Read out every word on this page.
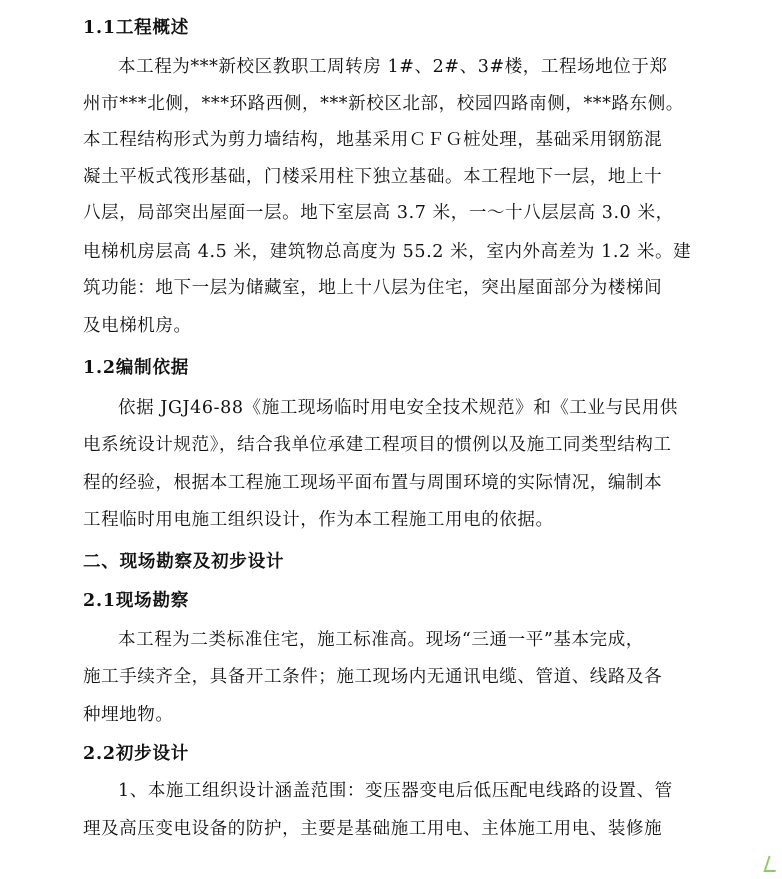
1.1工程概述
本工程为***新校区教职工周转房 1#、2#、3#楼，工程场地位于郑
州市***北侧，***环路西侧，***新校区北部，校园四路南侧，***路东侧。
本工程结构形式为剪力墙结构，地基采用ＣＦＧ桩处理，基础采用钢筋混
凝土平板式筏形基础，门楼采用柱下独立基础。本工程地下一层，地上十
八层，局部突出屋面一层。地下室层高 3.7 米，一～十八层层高 3.0 米，
电梯机房层高 4.5 米，建筑物总高度为 55.2 米，室内外高差为 1.2 米。建
筑功能：地下一层为储藏室，地上十八层为住宅，突出屋面部分为楼梯间
及电梯机房。
1.2编制依据
依据 JGJ46-88《施工现场临时用电安全技术规范》和《工业与民用供
电系统设计规范》，结合我单位承建工程项目的惯例以及施工同类型结构工
程的经验，根据本工程施工现场平面布置与周围环境的实际情况，编制本
工程临时用电施工组织设计，作为本工程施工用电的依据。
二、现场勘察及初步设计
2.1现场勘察
本工程为二类标准住宅，施工标准高。现场“三通一平”基本完成，
施工手续齐全，具备开工条件；施工现场内无通讯电缆、管道、线路及各
种埋地物。
2.2初步设计
1、本施工组织设计涵盖范围：变压器变电后低压配电线路的设置、管
理及高压变电设备的防护，主要是基础施工用电、主体施工用电、装修施
